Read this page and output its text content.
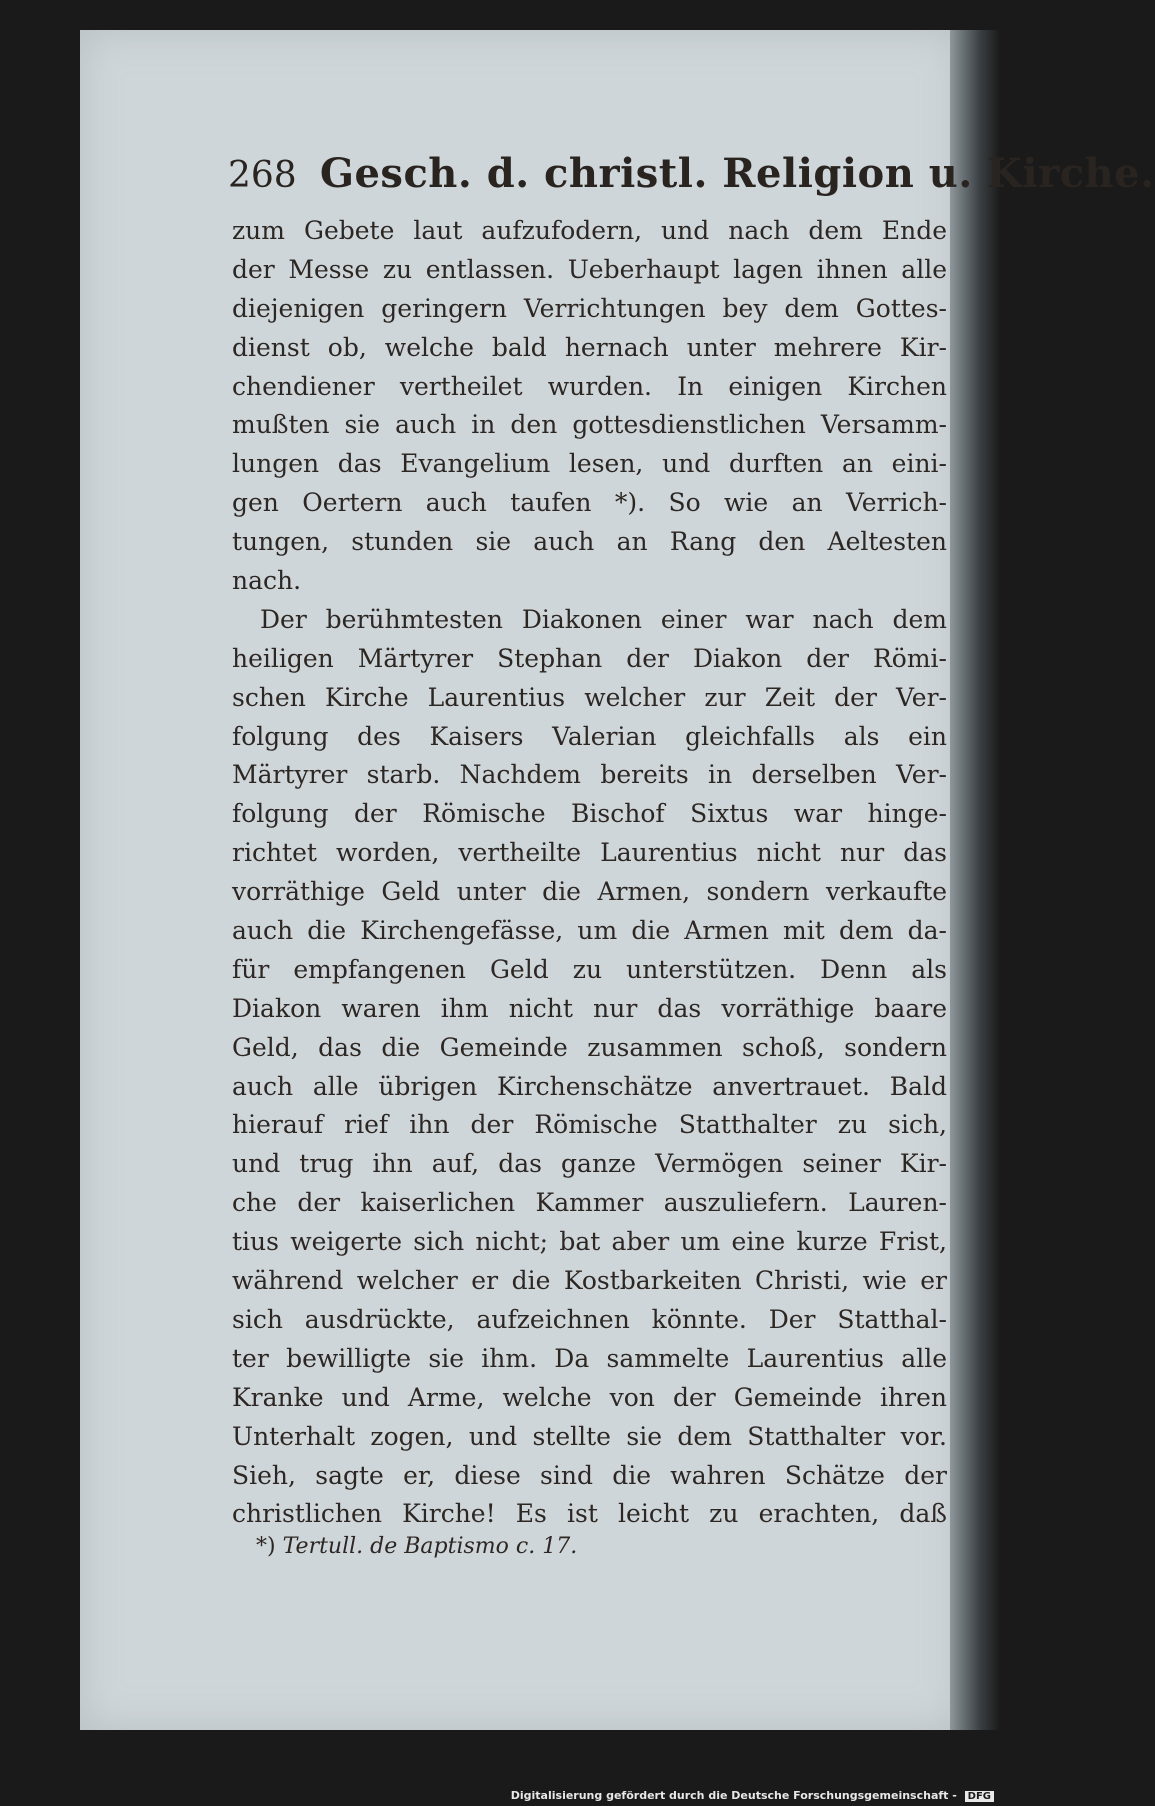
268 Gesch. d. christl. Religion u. Kirche.
zum Gebete laut aufzufodern, und nach dem Ende
der Messe zu entlassen. Ueberhaupt lagen ihnen alle
diejenigen geringern Verrichtungen bey dem Gottes-
dienst ob, welche bald hernach unter mehrere Kir-
chendiener vertheilet wurden. In einigen Kirchen
mußten sie auch in den gottesdienstlichen Versamm-
lungen das Evangelium lesen, und durften an eini-
gen Oertern auch taufen *). So wie an Verrich-
tungen, stunden sie auch an Rang den Aeltesten
nach.
Der berühmtesten Diakonen einer war nach dem
heiligen Märtyrer Stephan der Diakon der Römi-
schen Kirche Laurentius welcher zur Zeit der Ver-
folgung des Kaisers Valerian gleichfalls als ein
Märtyrer starb. Nachdem bereits in derselben Ver-
folgung der Römische Bischof Sixtus war hinge-
richtet worden, vertheilte Laurentius nicht nur das
vorräthige Geld unter die Armen, sondern verkaufte
auch die Kirchengefässe, um die Armen mit dem da-
für empfangenen Geld zu unterstützen. Denn als
Diakon waren ihm nicht nur das vorräthige baare
Geld, das die Gemeinde zusammen schoß, sondern
auch alle übrigen Kirchenschätze anvertrauet. Bald
hierauf rief ihn der Römische Statthalter zu sich,
und trug ihn auf, das ganze Vermögen seiner Kir-
che der kaiserlichen Kammer auszuliefern. Lauren-
tius weigerte sich nicht; bat aber um eine kurze Frist,
während welcher er die Kostbarkeiten Christi, wie er
sich ausdrückte, aufzeichnen könnte. Der Statthal-
ter bewilligte sie ihm. Da sammelte Laurentius alle
Kranke und Arme, welche von der Gemeinde ihren
Unterhalt zogen, und stellte sie dem Statthalter vor.
Sieh, sagte er, diese sind die wahren Schätze der
christlichen Kirche! Es ist leicht zu erachten, daß
*) Tertull. de Baptismo c. 17.
Digitalisierung gefördert durch die Deutsche Forschungsgemeinschaft - DFG
